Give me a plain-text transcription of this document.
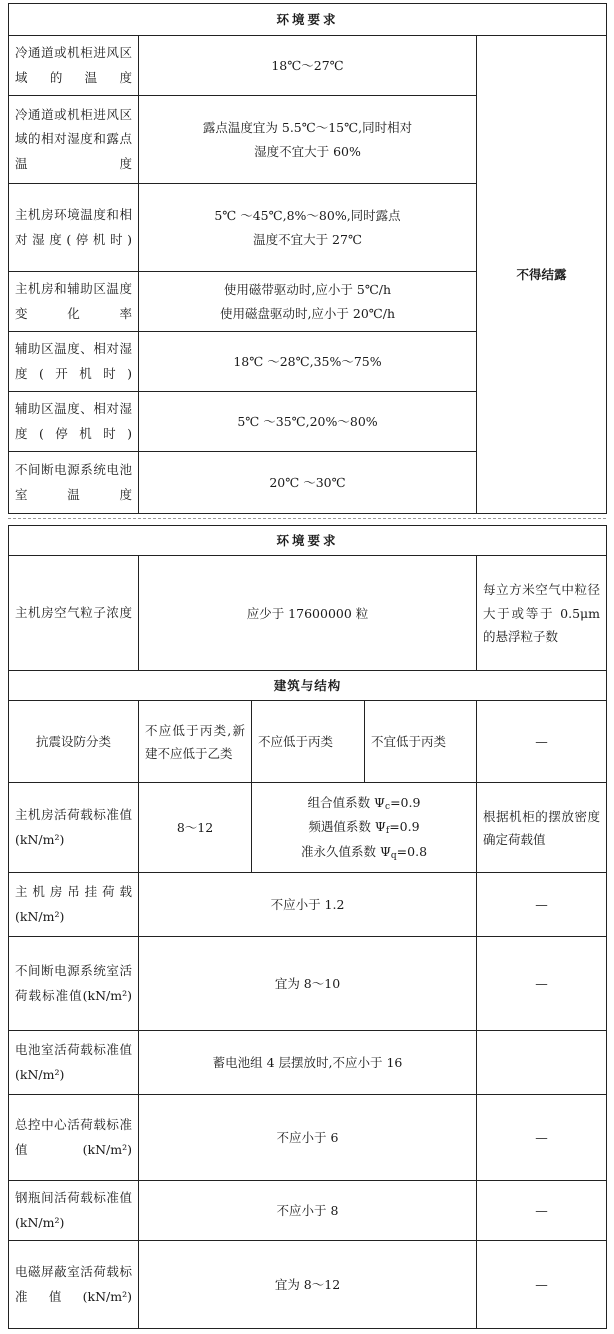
环境要求		
冷通道或机柜进风区域的温度	18℃～27℃	不得结露
冷通道或机柜进风区域的相对湿度和露点温度	露点温度宜为 5.5℃～15℃,同时相对
湿度不宜大于 60%	

主机房环境温度和相对湿度(停机时)	5℃ ～45℃,8%～80%,同时露点
温度不宜大于 27℃	

主机房和辅助区温度变化率	使用磁带驱动时,应小于 5℃/h
使用磁盘驱动时,应小于 20℃/h	

辅助区温度、相对湿度(开机时)	18℃ ～28℃,35%～75%	

辅助区温度、相对湿度(停机时)	5℃ ～35℃,20%～80%	

不间断电源系统电池室温度	20℃ ～30℃	
环境要求				
主机房空气粒子浓度	应少于 17600000 粒			每立方米空气中粒径大于或等于 0.5μm 的悬浮粒子数
建筑与结构				
抗震设防分类	不应低于丙类,新建不应低于乙类	不应低于丙类	不宜低于丙类	—
主机房活荷载标准值(kN/m²)	8～12	组合值系数 $\Psi_c=0.9$
频遇值系数 $\Psi_f=0.9$
准永久值系数 $\Psi_q=0.8$		根据机柜的摆放密度确定荷载值
主机房吊挂荷载(kN/m²)	不应小于 1.2			—
不间断电源系统室活荷载标准值(kN/m²)	宜为 8～10			—
电池室活荷载标准值(kN/m²)	蓄电池组 4 层摆放时,不应小于 16			
总控中心活荷载标准值(kN/m²)	不应小于 6			—
钢瓶间活荷载标准值(kN/m²)	不应小于 8			—
电磁屏蔽室活荷载标准值(kN/m²)	宜为 8～12			—
